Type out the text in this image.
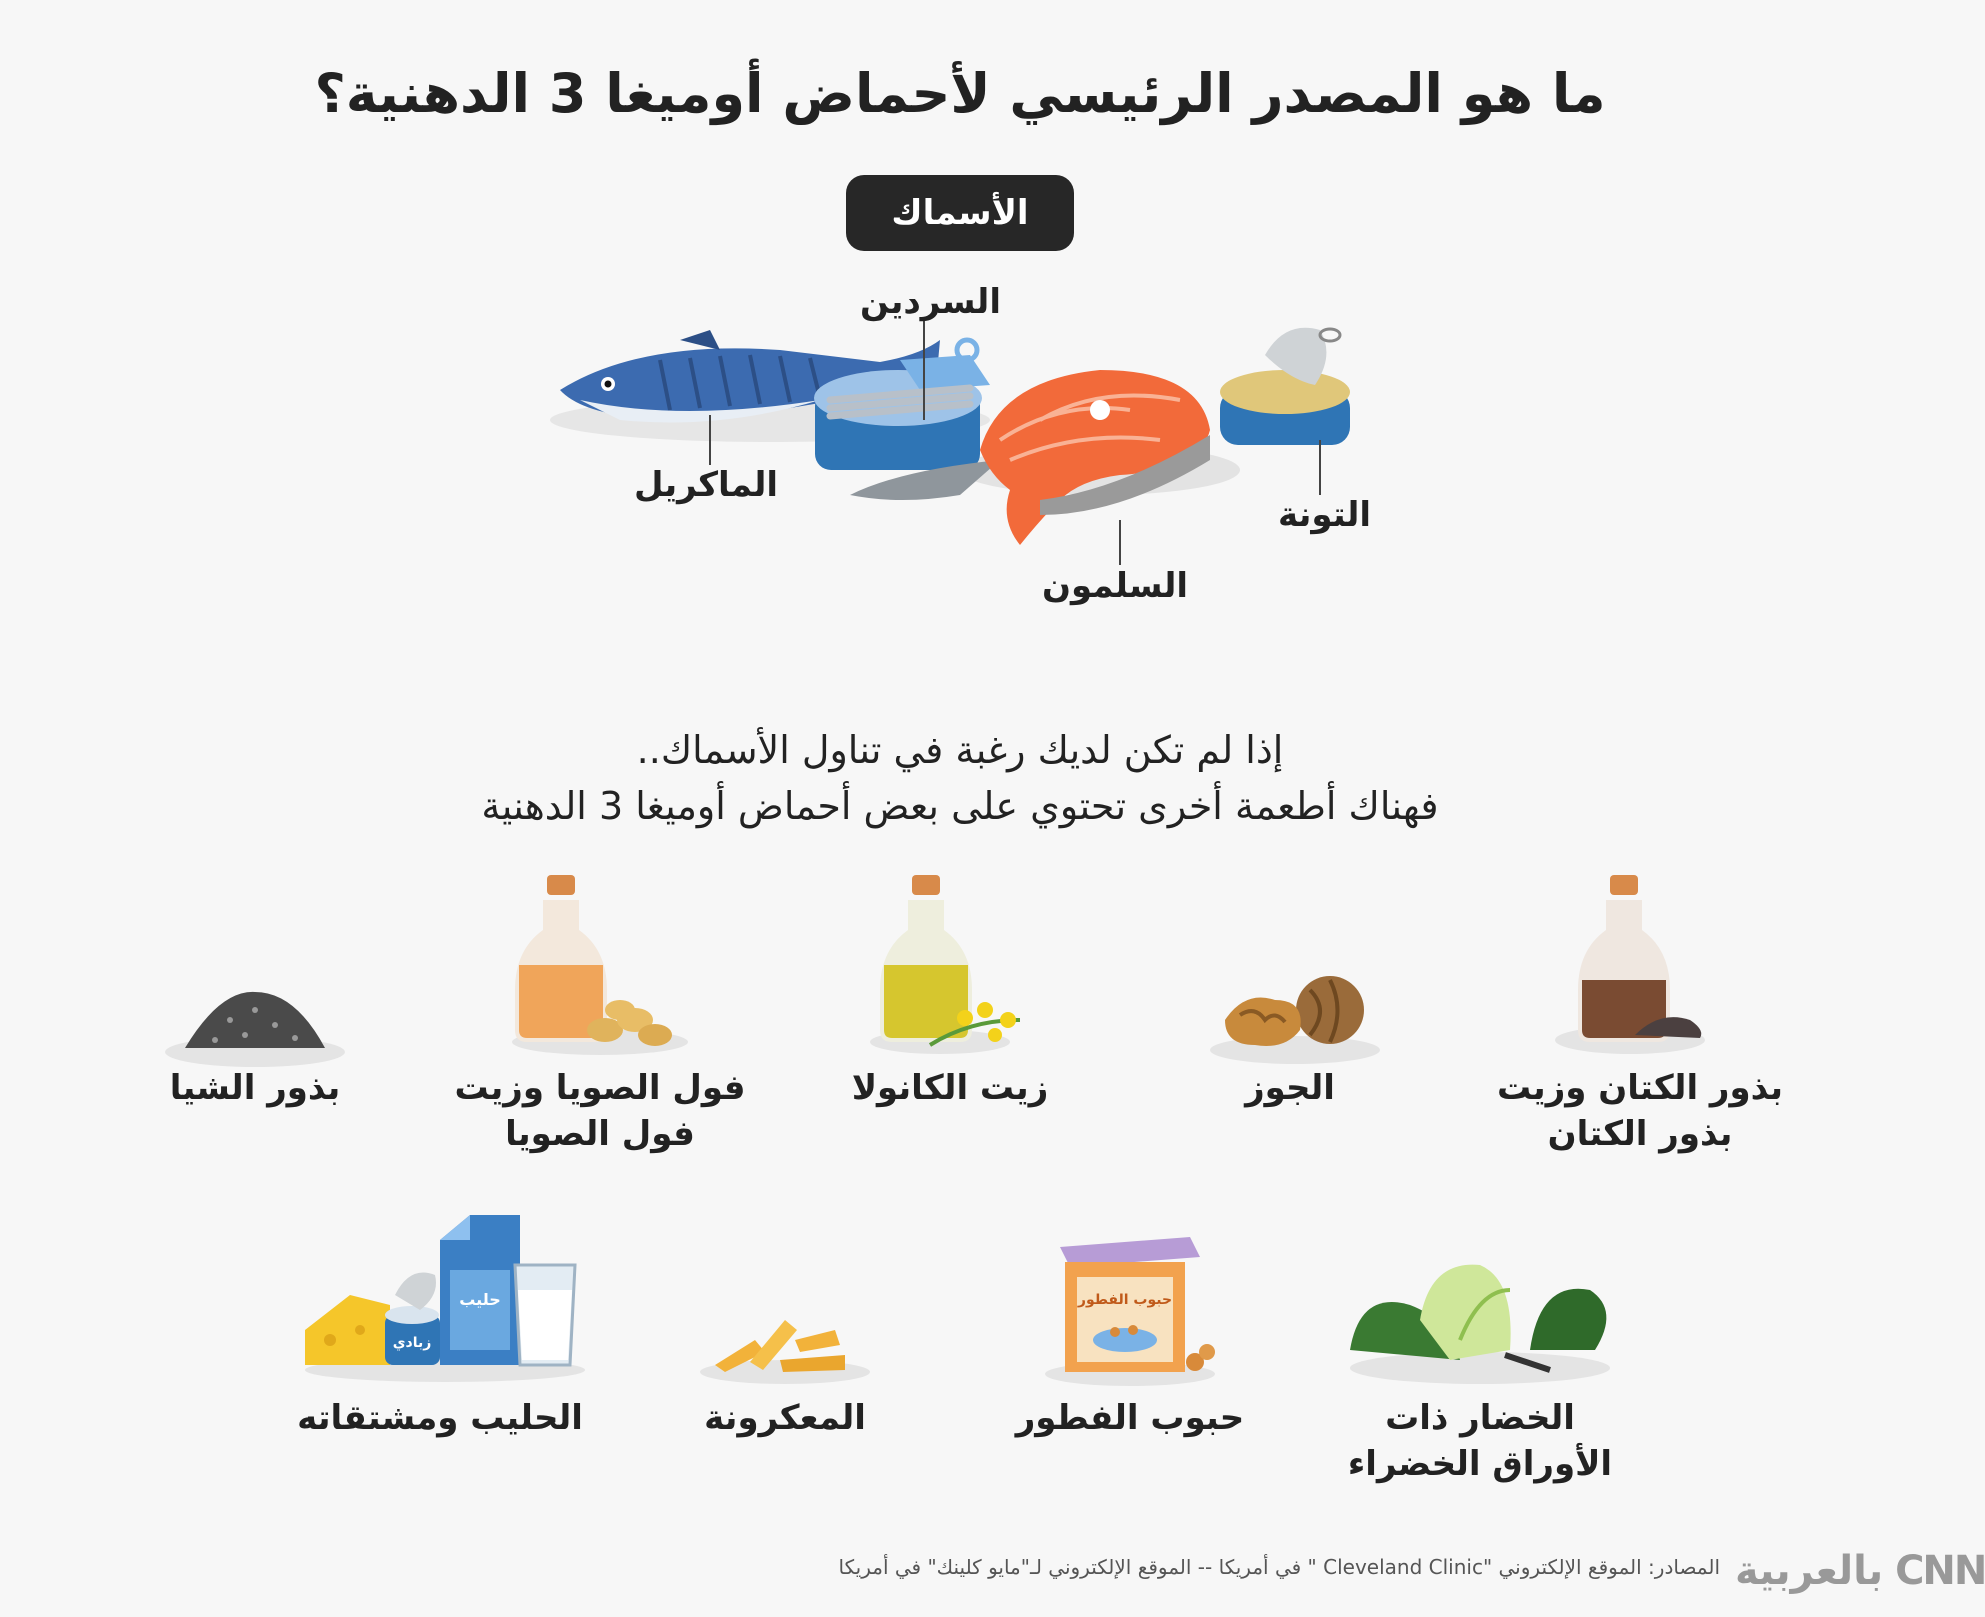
ما هو المصدر الرئيسي لأحماض أوميغا 3 الدهنية؟
الأسماك
السردين
الماكريل
التونة
السلمون
إذا لم تكن لديك رغبة في تناول الأسماك..
فهناك أطعمة أخرى تحتوي على بعض أحماض أوميغا 3 الدهنية
بذور الكتان وزيت
بذور الكتان
الجوز
زيت الكانولا
فول الصويا وزيت
فول الصويا
بذور الشيا
حبوب الفطور
زبادي
حليب
الخضار ذات
الأوراق الخضراء
حبوب الفطور
المعكرونة
الحليب ومشتقاته
المصادر: الموقع الإلكتروني "Cleveland Clinic " في أمريكا -- الموقع الإلكتروني لـ"مايو كلينك" في أمريكا CNN بالعربية
